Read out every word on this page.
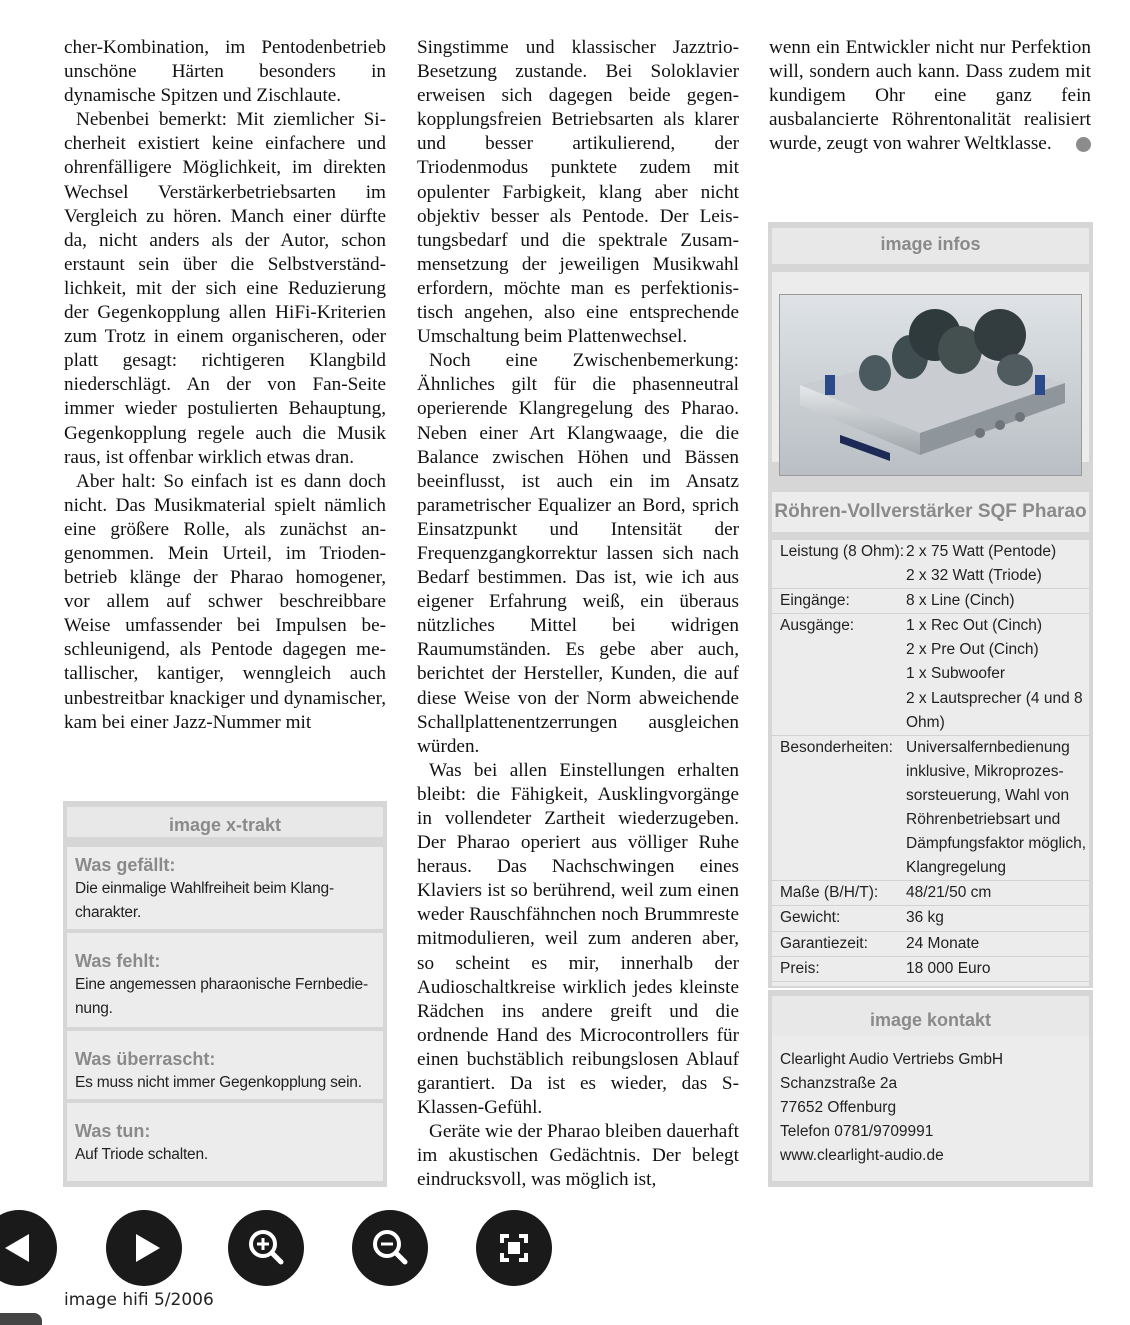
cher-Kombination, im Pentodenbetrieb unschöne Härten besonders in dynamische Spitzen und Zischlaute.

Nebenbei bemerkt: Mit ziemlicher Sicherheit existiert keine einfachere und ohrenfälligere Möglichkeit, im direkten Wechsel Verstärkerbetriebsarten im Vergleich zu hören. Manch einer dürfte da, nicht anders als der Autor, schon erstaunt sein über die Selbstverständlichkeit, mit der sich eine Reduzierung der Gegenkopplung allen HiFi-Kriterien zum Trotz in einem organischeren, oder platt gesagt: richtigeren Klangbild niederschlägt. An der von Fan-Seite immer wieder postulierten Behauptung, Gegenkopplung regele auch die Musik raus, ist offenbar wirklich etwas dran.

Aber halt: So einfach ist es dann doch nicht. Das Musikmaterial spielt nämlich eine größere Rolle, als zunächst angenommen. Mein Urteil, im Triodenbetrieb klänge der Pharao homogener, vor allem auf schwer beschreibbare Weise umfassender bei Impulsen beschleunigend, als Pentode dagegen metallischer, kantiger, wenngleich auch unbestreitbar knackiger und dynamischer, kam bei einer Jazz-Nummer mit

Singstimme und klassischer Jazztrio-Besetzung zustande. Bei Soloklavier erweisen sich dagegen beide gegenkopplungsfreien Betriebsarten als klarer und besser artikulierend, der Triodenmodus punktete zudem mit opulenter Farbigkeit, klang aber nicht objektiv besser als Pentode. Der Leistungsbedarf und die spektrale Zusammensetzung der jeweiligen Musikwahl erfordern, möchte man es perfektionistisch angehen, also eine entsprechende Umschaltung beim Plattenwechsel.

Noch eine Zwischenbemerkung: Ähnliches gilt für die phasenneutral operierende Klangregelung des Pharao. Neben einer Art Klangwaage, die die Balance zwischen Höhen und Bässen beeinflusst, ist auch ein im Ansatz parametrischer Equalizer an Bord, sprich Einsatzpunkt und Intensität der Frequenzgangkorrektur lassen sich nach Bedarf bestimmen. Das ist, wie ich aus eigener Erfahrung weiß, ein überaus nützliches Mittel bei widrigen Raumumständen. Es gebe aber auch, berichtet der Hersteller, Kunden, die auf diese Weise von der Norm abweichende Schallplattenentzerrungen ausgleichen würden.

Was bei allen Einstellungen erhalten bleibt: die Fähigkeit, Ausklingvorgänge in vollendeter Zartheit wiederzugeben. Der Pharao operiert aus völliger Ruhe heraus. Das Nachschwingen eines Klaviers ist so berührend, weil zum einen weder Rauschfähnchen noch Brummreste mitmodulieren, weil zum anderen aber, so scheint es mir, innerhalb der Audioschaltkreise wirklich jedes kleinste Rädchen ins andere greift und die ordnende Hand des Microcontrollers für einen buchstäblich reibungslosen Ablauf garantiert. Da ist es wieder, das S-Klassen-Gefühl.

Geräte wie der Pharao bleiben dauerhaft im akustischen Gedächtnis. Der belegt eindrucksvoll, was möglich ist,

wenn ein Entwickler nicht nur Perfektion will, sondern auch kann. Dass zudem mit kundigem Ohr eine ganz fein ausbalancierte Röhrentonalität realisiert wurde, zeugt von wahrer Weltklasse.

image x-trakt
Was gefällt:

Die einmalige Wahlfreiheit beim Klangcharakter.

Was fehlt:

Eine angemessen pharaonische Fernbedienung.

Was überrascht:

Es muss nicht immer Gegenkopplung sein.

Was tun:

Auf Triode schalten.

image infos
Röhren-Vollverstärker SQF Pharao
Leistung (8 Ohm):	2 x 75 Watt (Pentode)
2 x 32 Watt (Triode)

Eingänge:	8 x Line (Cinch)

Ausgänge:	1 x Rec Out (Cinch)
2 x Pre Out (Cinch)
1 x Subwoofer
2 x Lautsprecher (4 und 8 Ohm)

Besonderheiten:	Universalfernbedienung inklusive, Mikroprozessorsteuerung, Wahl von Röhrenbetriebsart und Dämpfungsfaktor möglich, Klangregelung

Maße (B/H/T):	48/21/50 cm

Gewicht:	36 kg

Garantiezeit:	24 Monate

Preis:	18 000 Euro
image kontakt
Clearlight Audio Vertriebs GmbH
Schanzstraße 2a
77652 Offenburg
Telefon 0781/9709991
www.clearlight-audio.de
image hifi 5/2006
